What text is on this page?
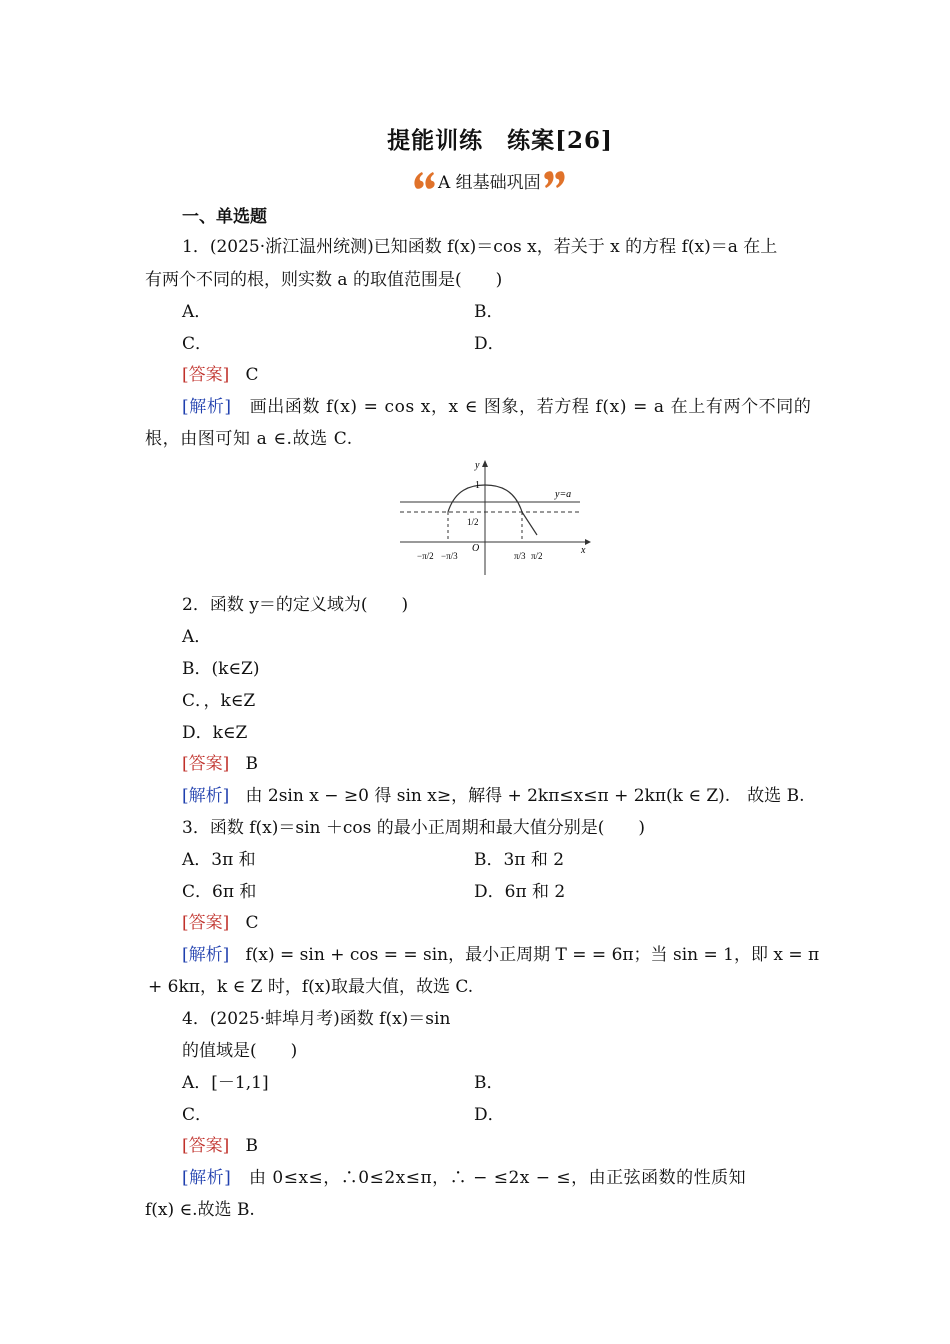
提能训练　练案[26]
A 组基础巩固
一、单选题
1．(2025·浙江温州统测)已知函数 f(x)＝cos x，若关于 x 的方程 f(x)＝a 在上
有两个不同的根，则实数 a 的取值范围是(　　)
A．	B．
C．	D．
[答案] C
[解析] 画出函数 f(x) = cos x，x ∈ 图象，若方程 f(x) = a 在上有两个不同的
根，由图可知 a ∈.故选 C.
y
x
O
1
1/2
y=a
−π/2 −π/3	π/3 π/2
2．函数 y＝的定义域为(　　)
A．
B．(k∈Z)
C．，k∈Z
D．k∈Z
[答案] B
[解析] 由 2sin x − ≥0 得 sin x≥，解得 + 2kπ≤x≤π + 2kπ(k ∈ Z).　故选 B.
3．函数 f(x)＝sin ＋cos 的最小正周期和最大值分别是(　　)
A．3π 和	B．3π 和 2
C．6π 和	D．6π 和 2
[答案] C
[解析] f(x) = sin + cos = = sin，最小正周期 T = = 6π；当 sin = 1，即 x = π
+ 6kπ，k ∈ Z 时，f(x)取最大值，故选 C.
4．(2025·蚌埠月考)函数 f(x)＝sin
的值域是(　　)
A．[－1,1]	B．
C．	D．
[答案] B
[解析] 由 0≤x≤，∴0≤2x≤π，∴ − ≤2x − ≤，由正弦函数的性质知
f(x) ∈.故选 B.
